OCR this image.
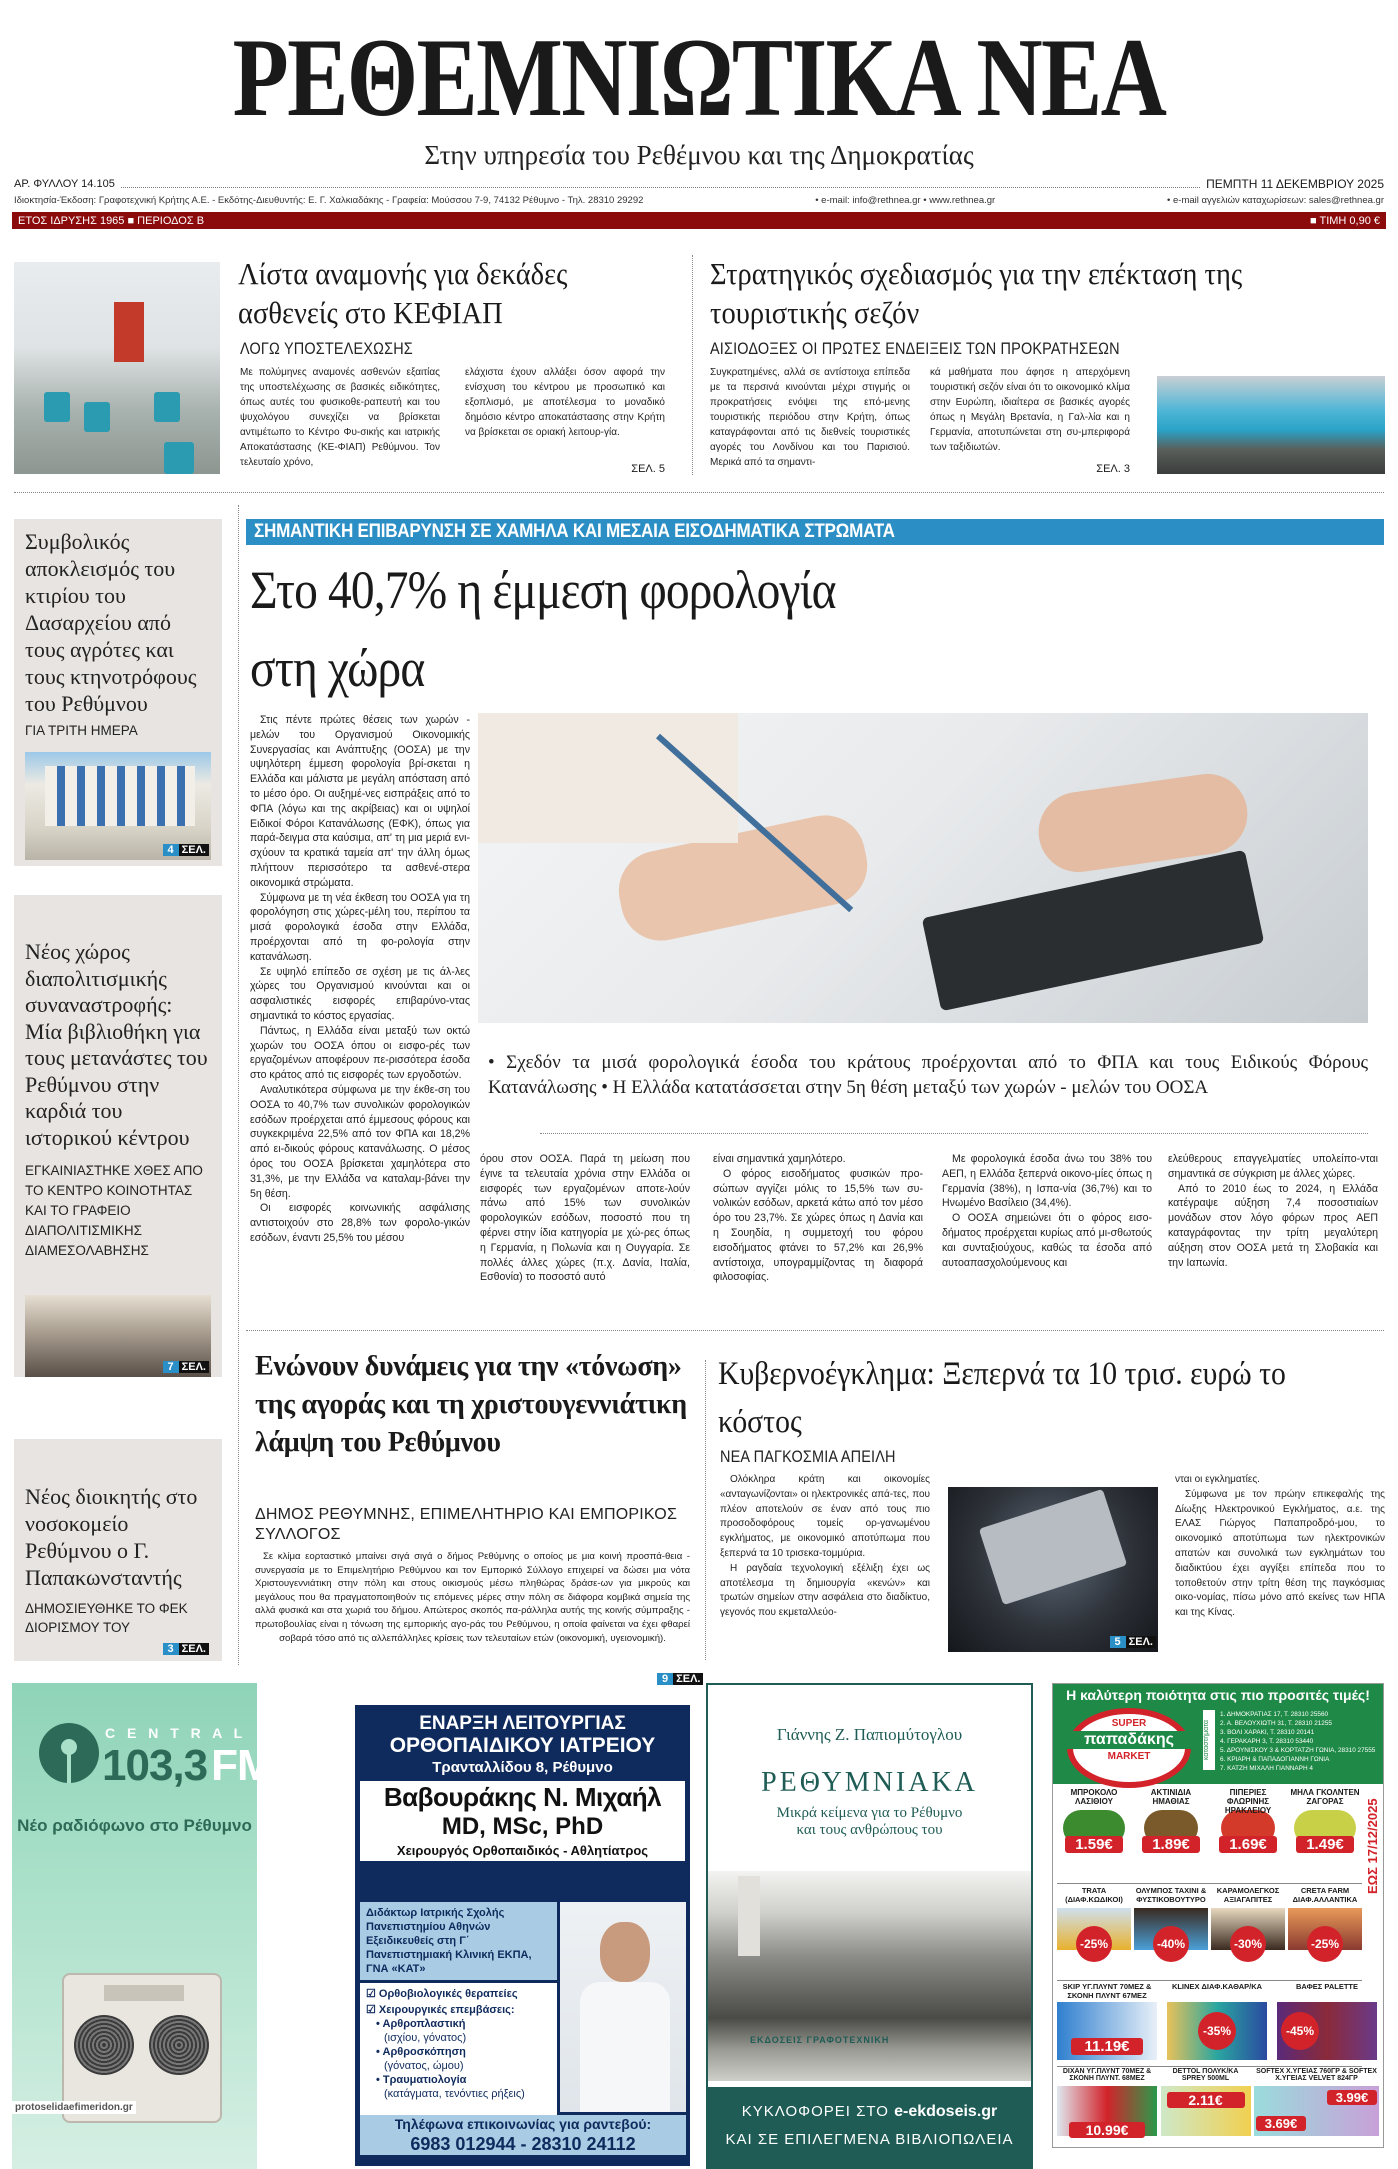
ΡΕΘΕΜΝΙΩΤΙΚΑ ΝΕΑ
Στην υπηρεσία του Ρεθέμνου και της Δημοκρατίας
ΑΡ. ΦΥΛΛΟΥ 14.105	ΠΕΜΠΤΗ 11 ΔΕΚΕΜΒΡΙΟΥ 2025
Ιδιοκτησία-Έκδοση: Γραφοτεχνική Κρήτης Α.Ε. - Εκδότης-Διευθυντής: Ε. Γ. Χαλκιαδάκης - Γραφεία: Μούσσου 7-9, 74132 Ρέθυμνο - Τηλ. 28310 29292	• e-mail: info@rethnea.gr • www.rethnea.gr	• e-mail αγγελιών καταχωρίσεων: sales@rethnea.gr
ΕΤΟΣ ΙΔΡΥΣΗΣ 1965 ■ ΠΕΡΙΟΔΟΣ Β	■ ΤΙΜΗ 0,90 €
Λίστα αναμονής για δεκάδες ασθενείς στο ΚΕΦΙΑΠ
ΛΟΓΩ ΥΠΟΣΤΕΛΕΧΩΣΗΣ
Με πολύμηνες αναμονές ασθενών εξαιτίας της υποστελέχωσης σε βασικές ειδικότητες, όπως αυτές του φυσικοθε-ραπευτή και του ψυχολόγου συνεχίζει να βρίσκεται αντιμέτωπο το Κέντρο Φυ-σικής και ιατρικής Αποκατάστασης (ΚΕ-ΦΙΑΠ) Ρεθύμνου. Τον τελευταίο χρόνο,
ελάχιστα έχουν αλλάξει όσον αφορά την ενίσχυση του κέντρου με προσωπικό και εξοπλισμό, με αποτέλεσμα το μοναδικό δημόσιο κέντρο αποκατάστασης στην Κρήτη να βρίσκεται σε οριακή λειτουρ-γία.
ΣΕΛ. 5
Στρατηγικός σχεδιασμός για την επέκταση της τουριστικής σεζόν
ΑΙΣΙΟΔΟΞΕΣ ΟΙ ΠΡΩΤΕΣ ΕΝΔΕΙΞΕΙΣ ΤΩΝ ΠΡΟΚΡΑΤΗΣΕΩΝ
Συγκρατημένες, αλλά σε αντίστοιχα επίπεδα με τα περσινά κινούνται μέχρι στιγμής οι προκρατήσεις ενόψει της επό-μενης τουριστικής περιόδου στην Κρήτη, όπως καταγράφονται από τις διεθνείς τουριστικές αγορές του Λονδίνου και του Παρισιού. Μερικά από τα σημαντι-
κά μαθήματα που άφησε η απερχόμενη τουριστική σεζόν είναι ότι το οικονομικό κλίμα στην Ευρώπη, ιδιαίτερα σε βασικές αγορές όπως η Μεγάλη Βρετανία, η Γαλ-λία και η Γερμανία, αποτυπώνεται στη συ-μπεριφορά των ταξιδιωτών.
ΣΕΛ. 3
Συμβολικός αποκλεισμός του κτιρίου του Δασαρχείου από τους αγρότες και τους κτηνοτρόφους του Ρεθύμνου
ΓΙΑ ΤΡΙΤΗ ΗΜΕΡΑ
4 ΣΕΛ.
Νέος χώρος διαπολιτισμικής συναναστροφής: Μία βιβλιοθήκη για τους μετανάστες του Ρεθύμνου στην καρδιά του ιστορικού κέντρου
ΕΓΚΑΙΝΙΑΣΤΗΚΕ ΧΘΕΣ ΑΠΟ ΤΟ ΚΕΝΤΡΟ ΚΟΙΝΟΤΗΤΑΣ ΚΑΙ ΤΟ ΓΡΑΦΕΙΟ ΔΙΑΠΟΛΙΤΙΣΜΙΚΗΣ ΔΙΑΜΕΣΟΛΑΒΗΣΗΣ
7 ΣΕΛ.
Νέος διοικητής στο νοσοκομείο Ρεθύμνου ο Γ. Παπακωνσταντής
ΔΗΜΟΣΙΕΥΘΗΚΕ ΤΟ ΦΕΚ ΔΙΟΡΙΣΜΟΥ ΤΟΥ
3 ΣΕΛ.
ΣΗΜΑΝΤΙΚΗ ΕΠΙΒΑΡΥΝΣΗ ΣΕ ΧΑΜΗΛΑ ΚΑΙ ΜΕΣΑΙΑ ΕΙΣΟΔΗΜΑΤΙΚΑ ΣΤΡΩΜΑΤΑ
Στο 40,7% η έμμεση φορολογία
στη χώρα

Στις πέντε πρώτες θέσεις των χωρών - μελών του Οργανισμού Οικονομικής Συνεργασίας και Ανάπτυξης (ΟΟΣΑ) με την υψηλότερη έμμεση φορολογία βρί-σκεται η Ελλάδα και μάλιστα με μεγάλη απόσταση από το μέσο όρο. Οι αυξημέ-νες εισπράξεις από το ΦΠΑ (λόγω και της ακρίβειας) και οι υψηλοί Ειδικοί Φόροι Κατανάλωσης (ΕΦΚ), όπως για παρά-δειγμα στα καύσιμα, απ' τη μια μεριά ενι-σχύουν τα κρατικά ταμεία απ' την άλλη όμως πλήττουν περισσότερο τα ασθενέ-στερα οικονομικά στρώματα.

Σύμφωνα με τη νέα έκθεση του ΟΟΣΑ για τη φορολόγηση στις χώρες-μέλη του, περίπου τα μισά φορολογικά έσοδα στην Ελλάδα, προέρχονται από τη φο-ρολογία στην κατανάλωση.

Σε υψηλό επίπεδο σε σχέση με τις άλ-λες χώρες του Οργανισμού κινούνται και οι ασφαλιστικές εισφορές επιβαρύνο-ντας σημαντικά το κόστος εργασίας.

Πάντως, η Ελλάδα είναι μεταξύ των οκτώ χωρών του ΟΟΣΑ όπου οι εισφο-ρές των εργαζομένων αποφέρουν πε-ρισσότερα έσοδα στο κράτος από τις εισφορές των εργοδοτών.

Αναλυτικότερα σύμφωνα με την έκθε-ση του ΟΟΣΑ το 40,7% των συνολικών φορολογικών εσόδων προέρχεται από έμμεσους φόρους και συγκεκριμένα 22,5% από τον ΦΠΑ και 18,2% από ει-δικούς φόρους κατανάλωσης. Ο μέσος όρος του ΟΟΣΑ βρίσκεται χαμηλότερα στο 31,3%, με την Ελλάδα να καταλαμ-βάνει την 5η θέση.

Οι εισφορές κοινωνικής ασφάλισης αντιστοιχούν στο 28,8% των φορολο-γικών εσόδων, έναντι 25,5% του μέσου

• Σχεδόν τα μισά φορολογικά έσοδα του κράτους προέρχονται από το ΦΠΑ και τους Ειδικούς Φόρους Κατανάλωσης • Η Ελλάδα κατατάσσεται στην 5η θέση μεταξύ των χωρών - μελών του ΟΟΣΑ
όρου στον ΟΟΣΑ. Παρά τη μείωση που έγινε τα τελευταία χρόνια στην Ελλάδα οι εισφορές των εργαζομένων αποτε-λούν πάνω από 15% των συνολικών φορολογικών εσόδων, ποσοστό που τη φέρνει στην ίδια κατηγορία με χώ-ρες όπως η Γερμανία, η Πολωνία και η Ουγγαρία. Σε πολλές άλλες χώρες (π.χ. Δανία, Ιταλία, Εσθονία) το ποσοστό αυτό

είναι σημαντικά χαμηλότερο.

Ο φόρος εισοδήματος φυσικών προ-σώπων αγγίζει μόλις το 15,5% των συ-νολικών εσόδων, αρκετά κάτω από τον μέσο όρο του 23,7%. Σε χώρες όπως η Δανία και η Σουηδία, η συμμετοχή του φόρου εισοδήματος φτάνει το 57,2% και 26,9% αντίστοιχα, υπογραμμίζοντας τη διαφορά φιλοσοφίας.

Με φορολογικά έσοδα άνω του 38% του ΑΕΠ, η Ελλάδα ξεπερνά οικονο-μίες όπως η Γερμανία (38%), η Ισπα-νία (36,7%) και το Ηνωμένο Βασίλειο (34,4%).

Ο ΟΟΣΑ σημειώνει ότι ο φόρος εισο-δήματος προέρχεται κυρίως από μι-σθωτούς και συνταξιούχους, καθώς τα έσοδα από αυτοαπασχολούμενους και

ελεύθερους επαγγελματίες υπολείπο-νται σημαντικά σε σύγκριση με άλλες χώρες.

Από το 2010 έως το 2024, η Ελλάδα κατέγραψε αύξηση 7,4 ποσοστιαίων μονάδων στον λόγο φόρων προς ΑΕΠ καταγράφοντας την τρίτη μεγαλύτερη αύξηση στον ΟΟΣΑ μετά τη Σλοβακία και την Ιαπωνία.

Ενώνουν δυνάμεις για την «τόνωση» της αγοράς και τη χριστουγεννιάτικη λάμψη του Ρεθύμνου
ΔΗΜΟΣ ΡΕΘΥΜΝΗΣ, ΕΠΙΜΕΛΗΤΗΡΙΟ ΚΑΙ ΕΜΠΟΡΙΚΟΣ ΣΥΛΛΟΓΟΣ
Σε κλίμα εορταστικό μπαίνει σιγά σιγά ο δήμος Ρεθύμνης ο οποίος με μια κοινή προσπά-θεια - συνεργασία με το Επιμελητήριο Ρεθύμνου και τον Εμπορικό Σύλλογο επιχειρεί να δώσει μια νότα Χριστουγεννιάτικη στην πόλη και στους οικισμούς μέσω πληθώρας δράσε-ων για μικρούς και μεγάλους που θα πραγματοποιηθούν τις επόμενες μέρες στην πόλη σε διάφορα κομβικά σημεία της αλλά φυσικά και στα χωριά του δήμου. Απώτερος σκοπός πα-ράλληλα αυτής της κοινής σύμπραξης - πρωτοβουλίας είναι η τόνωση της εμπορικής αγο-ράς του Ρεθύμνου, η οποία φαίνεται να έχει φθαρεί σοβαρά τόσο από τις αλλεπάλληλες κρίσεις των τελευταίων ετών (οικονομική, υγειονομική).
9 ΣΕΛ.
Κυβερνοέγκλημα: Ξεπερνά τα 10 τρισ. ευρώ το κόστος
ΝΕΑ ΠΑΓΚΟΣΜΙΑ ΑΠΕΙΛΗ

Ολόκληρα κράτη και οικονομίες «ανταγωνίζονται» οι ηλεκτρονικές απά-τες, που πλέον αποτελούν σε έναν από τους πιο προσοδοφόρους τομείς ορ-γανωμένου εγκλήματος, με οικονομικό αποτύπωμα που ξεπερνά τα 10 τρισεκα-τομμύρια.

Η ραγδαία τεχνολογική εξέλιξη έχει ως αποτέλεσμα τη δημιουργία «κενών» και τρωτών σημείων στην ασφάλεια στο διαδίκτυο, γεγονός που εκμεταλλεύο-

5 ΣΕΛ.

νται οι εγκληματίες.

Σύμφωνα με τον πρώην επικεφαλής της Δίωξης Ηλεκτρονικού Εγκλήματος, α.ε. της ΕΛΑΣ Γιώργος Παπαπροδρό-μου, το οικονομικό αποτύπωμα των ηλεκτρονικών απατών και συνολικά των εγκλημάτων του διαδικτύου έχει αγγίξει επίπεδα που το τοποθετούν στην τρίτη θέση της παγκόσμιας οικο-νομίας, πίσω μόνο από εκείνες των ΗΠΑ και της Κίνας.

C E N T R A L
103,3FM
Νέο ραδιόφωνο στο Ρέθυμνο
protoselidaefimeridon.gr
ΕΝΑΡΞΗ ΛΕΙΤΟΥΡΓΙΑΣ
ΟΡΘΟΠΑΙΔΙΚΟΥ ΙΑΤΡΕΙΟΥ
Τρανταλλίδου 8, Ρέθυμνο
Βαβουράκης Ν. Μιχαήλ
MD, MSc, PhD
Χειρουργός Ορθοπαιδικός - Αθλητίατρος
Διδάκτωρ Ιατρικής Σχολής Πανεπιστημίου Αθηνών Εξειδικευθείς στη Γ΄ Πανεπιστημιακή Κλινική ΕΚΠΑ, ΓΝΑ «ΚΑΤ»
☑ Ορθοβιολογικές θεραπείες
☑ Χειρουργικές επεμβάσεις:
• Αρθροπλαστική
(ισχίου, γόνατος)
• Αρθροσκόπηση
(γόνατος, ώμου)
• Τραυματιολογία
(κατάγματα, τενόντιες ρήξεις)
Τηλέφωνα επικοινωνίας για ραντεβού:
6983 012944 - 28310 24112
Γιάννης Ζ. Παπιομύτογλου
ΡΕΘΥΜΝΙΑΚΑ
Μικρά κείμενα για το Ρέθυμνο
και τους ανθρώπους του
ΕΚΔΟΣΕΙΣ ΓΡΑΦΟΤΕΧΝΙΚΗ
ΚΥΚΛΟΦΟΡΕΙ ΣΤΟ e-ekdoseis.gr
ΚΑΙ ΣΕ ΕΠΙΛΕΓΜΕΝΑ ΒΙΒΛΙΟΠΩΛΕΙΑ
Η καλύτερη ποιότητα στις πιο προσιτές τιμές!
SUPER
παπαδάκης
MARKET	καταστήματα
1. ΔΗΜΟΚΡΑΤΙΑΣ 17, Τ. 28310 25560
2. Α. ΒΕΛΟΥΧΙΩΤΗ 31, Τ. 28310 21255
3. ΒΟΛΙ ΧΑΡΑΚΙ, Τ. 28310 20141
4. ΓΕΡΑΚΑΡΗ 3, Τ. 28310 53440
5. ΔΡΟΥΝΙΣΚΟΥ 3 & ΚΟΡΤΑΤΖΗ ΓΩΝΙΑ, 28310 27555
6. ΚΡΙΑΡΗ & ΠΑΠΑΔΟΓΙΑΝΝΗ ΓΩΝΙΑ
7. ΚΑΤΖΗ ΜΙΧΑΛΗ ΓΙΑΝΝΑΡΗ 4
ΕΩΣ 17/12/2025
ΜΠΡΟΚΟΛΟ ΛΑΣΙΘΙΟΥ
1.59€
ΑΚΤΙΝΙΔΙΑ ΗΜΑΘΙΑΣ
1.89€
ΠΙΠΕΡΙΕΣ ΦΛΩΡΙΝΗΣ ΗΡΑΚΛΕΙΟΥ
1.69€
ΜΗΛΑ ΓΚΟΛΝΤΕΝ ΖΑΓΟΡΑΣ
1.49€
TRATA (ΔΙΑΦ.ΚΩΔΙΚΟΙ)
-25%
ΟΛΥΜΠΟΣ ΤΑΧΙΝΙ & ΦΥΣΤΙΚΟΒΟΥΤΥΡΟ
-40%
ΚΑΡΑΜΟΛΕΓΚΟΣ ΑΞΙΑΓΑΠΙΤΕΣ
-30%
CRETA FARM ΔΙΑΦ.ΑΛΛΑΝΤΙΚΑ
-25%
SKIP ΥΓ.ΠΛΥΝΤ 70ΜΕΖ & ΣΚΟΝΗ ΠΛΥΝΤ 67ΜΕΖ
11.19€
KLINEX ΔΙΑΦ.ΚΑΘΑΡ/ΚΑ
-35%
ΒΑΦΕΣ PALETTE
-45%
DIXAN ΥΓ.ΠΛΥΝΤ 70ΜΕΖ & ΣΚΟΝΗ ΠΛΥΝΤ. 68ΜΕΖ
10.99€
DETTOL ΠΟΛΥΚ/ΚΑ SPREY 500ML
2.11€
SOFTEX Χ.ΥΓΕΙΑΣ 760ΓΡ & SOFTEX Χ.ΥΓΕΙΑΣ VELVET 824ΓΡ
3.69€
3.99€
